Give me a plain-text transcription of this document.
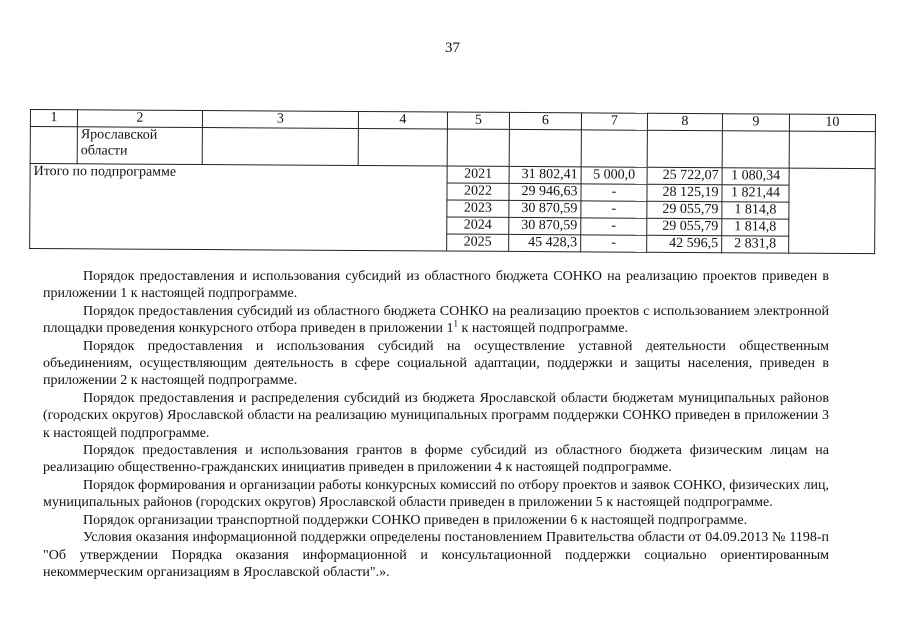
37
1	2	3	4	5	6	7	8	9	10
	Ярославской области								
Итого по подпрограмме				2021	31 802,41	5 000,0	25 722,07	1 080,34	
				2022	29 946,63	-	28 125,19	1 821,44	
				2023	30 870,59	-	29 055,79	1 814,8	
				2024	30 870,59	-	29 055,79	1 814,8	
				2025	45 428,3	-	42 596,5	2 831,8	

Порядок предоставления и использования субсидий из областного бюджета СОНКО на реализацию проектов приведен в приложении 1 к настоящей подпрограмме.

Порядок предоставления субсидий из областного бюджета СОНКО на реализацию проектов с использованием электронной площадки проведения конкурсного отбора приведен в приложении $1^1$ к настоящей подпрограмме.

Порядок предоставления и использования субсидий на осуществление уставной деятельности общественным объединениям, осуществляющим деятельность в сфере социальной адаптации, поддержки и защиты населения, приведен в приложении 2 к настоящей подпрограмме.

Порядок предоставления и распределения субсидий из бюджета Ярославской области бюджетам муниципальных районов (городских округов) Ярославской области на реализацию муниципальных программ поддержки СОНКО приведен в приложении 3 к настоящей подпрограмме.

Порядок предоставления и использования грантов в форме субсидий из областного бюджета физическим лицам на реализацию общественно-гражданских инициатив приведен в приложении 4 к настоящей подпрограмме.

Порядок формирования и организации работы конкурсных комиссий по отбору проектов и заявок СОНКО, физических лиц, муниципальных районов (городских округов) Ярославской области приведен в приложении 5 к настоящей подпрограмме.

Порядок организации транспортной поддержки СОНКО приведен в приложении 6 к настоящей подпрограмме.

Условия оказания информационной поддержки определены постановлением Правительства области от 04.09.2013 № 1198-п "Об утверждении Порядка оказания информационной и консультационной поддержки социально ориентированным некоммерческим организациям в Ярославской области".».
